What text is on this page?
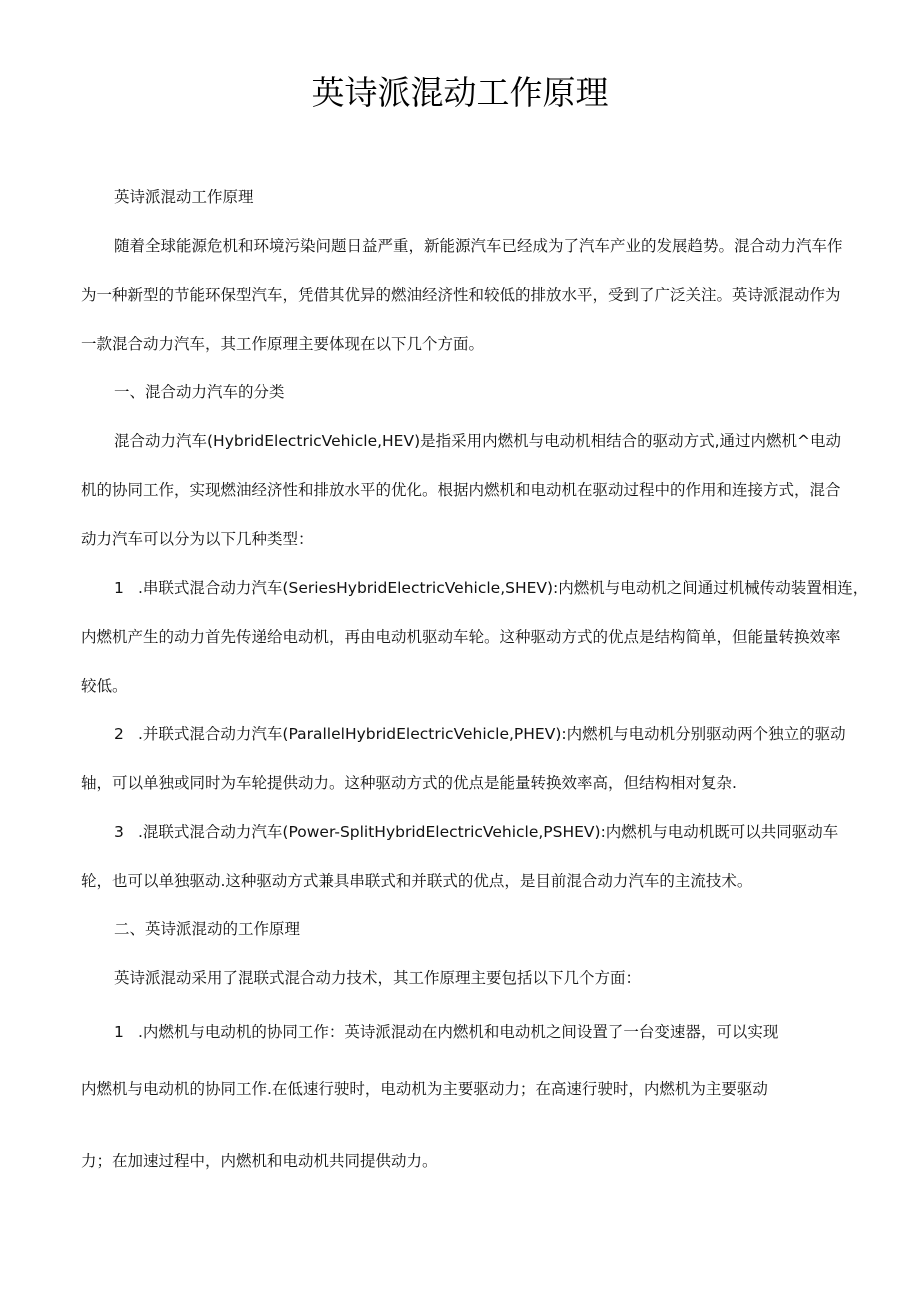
英诗派混动工作原理

英诗派混动工作原理

随着全球能源危机和环境污染问题日益严重，新能源汽车已经成为了汽车产业的发展趋势。混合动力汽车作

为一种新型的节能环保型汽车，凭借其优异的燃油经济性和较低的排放水平，受到了广泛关注。英诗派混动作为

一款混合动力汽车，其工作原理主要体现在以下几个方面。

一、混合动力汽车的分类

混合动力汽车(HybridElectricVehicle,HEV)是指采用内燃机与电动机相结合的驱动方式,通过内燃机^电动

机的协同工作，实现燃油经济性和排放水平的优化。根据内燃机和电动机在驱动过程中的作用和连接方式，混合

动力汽车可以分为以下几种类型：

1 .串联式混合动力汽车(SeriesHybridElectricVehicle,SHEV):内燃机与电动机之间通过机械传动装置相连，

内燃机产生的动力首先传递给电动机，再由电动机驱动车轮。这种驱动方式的优点是结构简单，但能量转换效率

较低。

2 .并联式混合动力汽车(ParallelHybridElectricVehicle,PHEV):内燃机与电动机分别驱动两个独立的驱动

轴，可以单独或同时为车轮提供动力。这种驱动方式的优点是能量转换效率高，但结构相对复杂.

3 .混联式混合动力汽车(Power-SplitHybridElectricVehicle,PSHEV):内燃机与电动机既可以共同驱动车

轮，也可以单独驱动.这种驱动方式兼具串联式和并联式的优点，是目前混合动力汽车的主流技术。

二、英诗派混动的工作原理

英诗派混动采用了混联式混合动力技术，其工作原理主要包括以下几个方面：

1 .内燃机与电动机的协同工作：英诗派混动在内燃机和电动机之间设置了一台变速器，可以实现

内燃机与电动机的协同工作.在低速行驶时，电动机为主要驱动力；在高速行驶时，内燃机为主要驱动

力；在加速过程中，内燃机和电动机共同提供动力。
